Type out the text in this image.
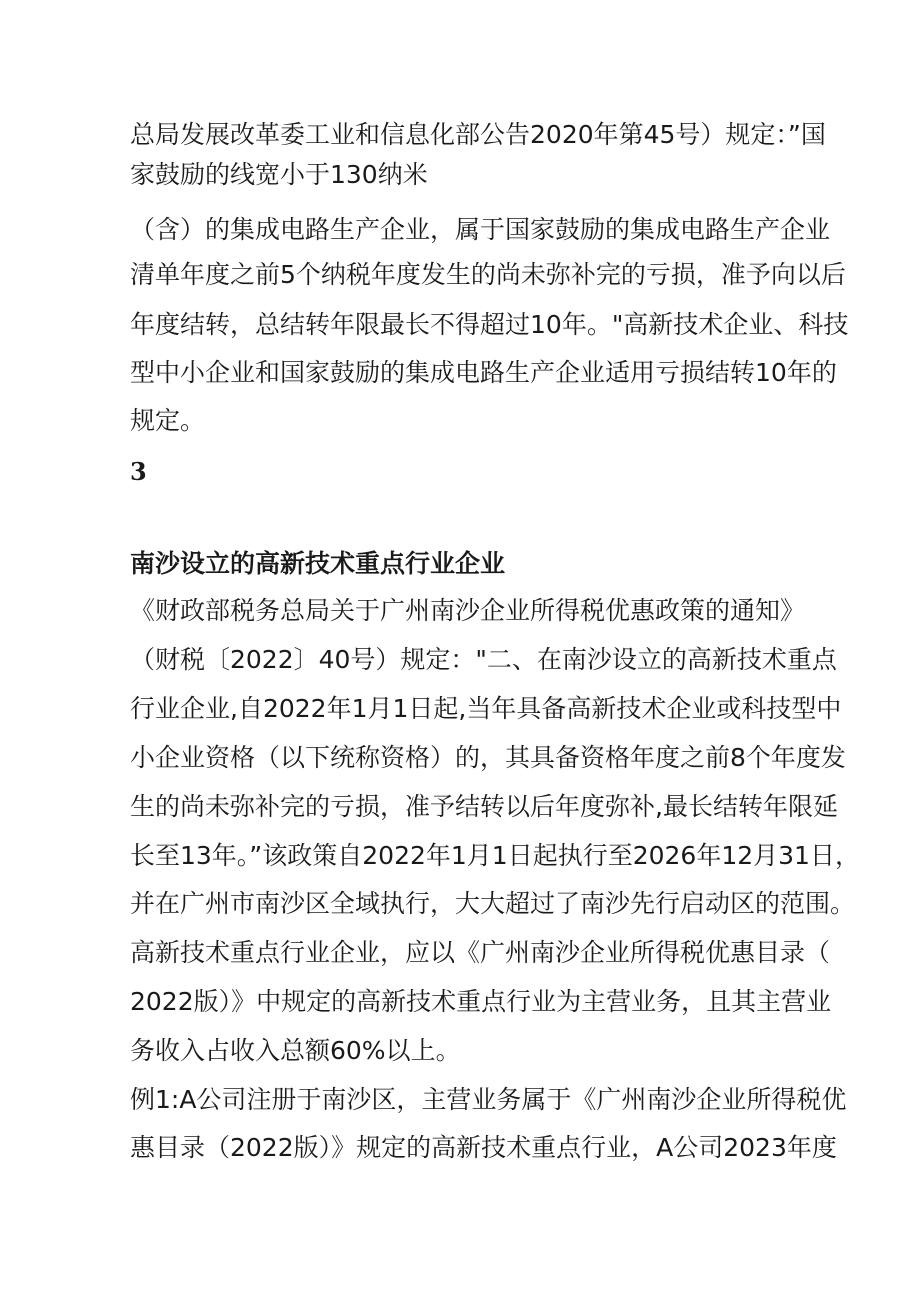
总局发展改革委工业和信息化部公告2020年第45号）规定：”国
家鼓励的线宽小于130纳米
（含）的集成电路生产企业，属于国家鼓励的集成电路生产企业
清单年度之前5个纳税年度发生的尚未弥补完的亏损，准予向以后
年度结转，总结转年限最长不得超过10年。"高新技术企业、科技
型中小企业和国家鼓励的集成电路生产企业适用亏损结转10年的
规定。
3
南沙设立的高新技术重点行业企业
《财政部税务总局关于广州南沙企业所得税优惠政策的通知》
（财税〔2022〕40号）规定："二、在南沙设立的高新技术重点
行业企业,自2022年1月1日起,当年具备高新技术企业或科技型中
小企业资格（以下统称资格）的，其具备资格年度之前8个年度发
生的尚未弥补完的亏损，准予结转以后年度弥补,最长结转年限延
长至13年。”该政策自2022年1月1日起执行至2026年12月31日，
并在广州市南沙区全域执行，大大超过了南沙先行启动区的范围。
高新技术重点行业企业，应以《广州南沙企业所得税优惠目录（
2022版）》中规定的高新技术重点行业为主营业务，且其主营业
务收入占收入总额60%以上。
例1:A公司注册于南沙区，主营业务属于《广州南沙企业所得税优
惠目录（2022版）》规定的高新技术重点行业，A公司2023年度
